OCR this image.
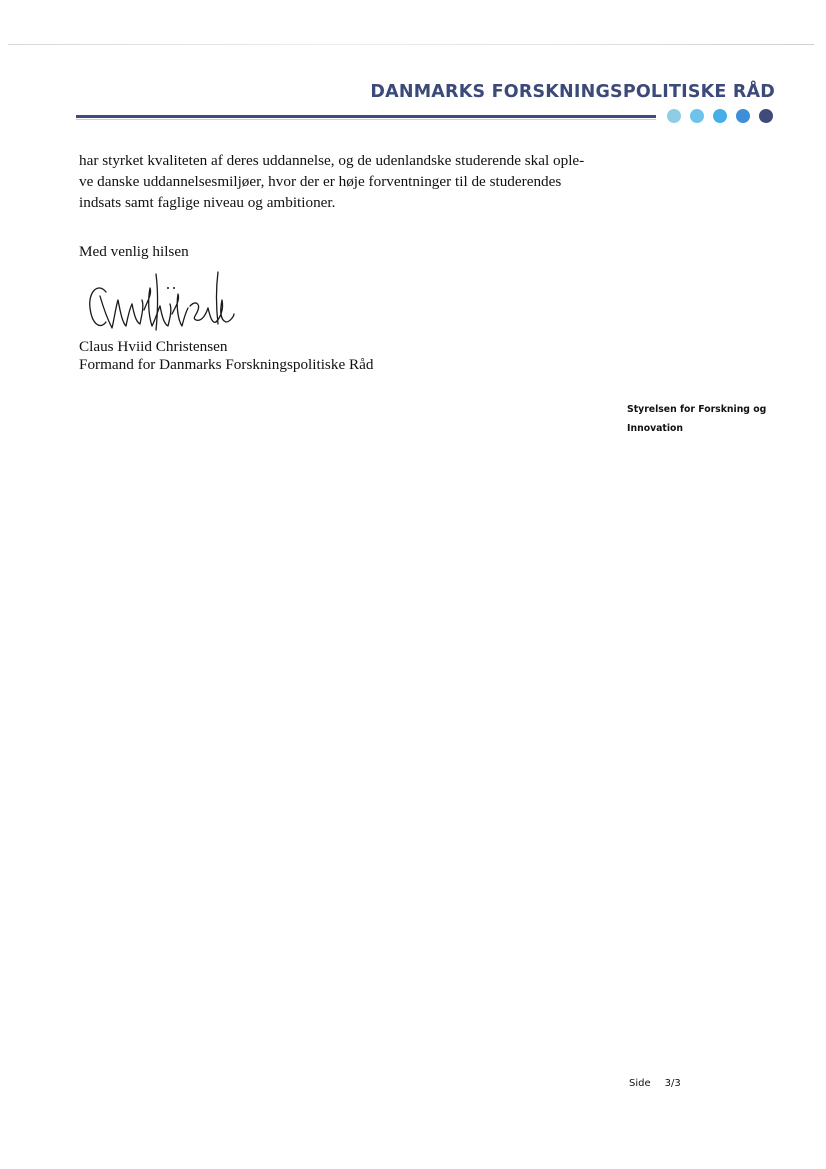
DANMARKS FORSKNINGSPOLITISKE RÅD

har styrket kvaliteten af deres uddannelse, og de udenlandske studerende skal ople-

ve danske uddannelsesmiljøer, hvor der er høje forventninger til de studerendes

indsats samt faglige niveau og ambitioner.

Med venlig hilsen
Claus Hviid Christensen
Formand for Danmarks Forskningspolitiske Råd
Styrelsen for Forskning og
Innovation
Side 3/3
